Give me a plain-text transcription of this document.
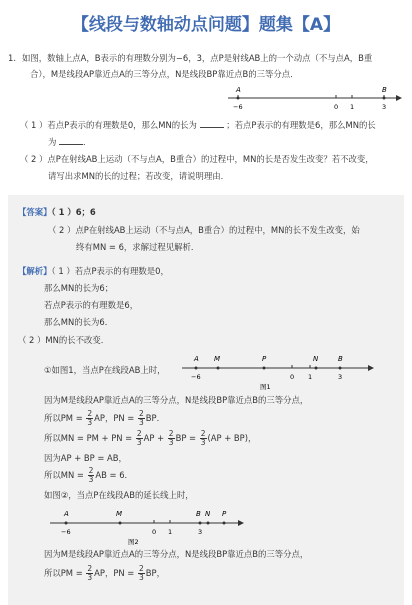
【线段与数轴动点问题】题集【A】
1. 如图，数轴上点A，B表示的有理数分别为−6，3，点P是射线AB上的一个动点（不与点A，B重
合），M是线段AP靠近点A的三等分点，N是线段BP靠近点B的三等分点．
A	B
−6	0 1	3
（ 1 ）若点P表示的有理数是0，那么MN的长为	；若点P表示的有理数是6，那么MN的长
为	．
（ 2 ）点P在射线AB上运动（不与点A，B重合）的过程中，MN的长是否发生改变？若不改变，
请写出求MN的长的过程；若改变，请说明理由．
【答案】（ 1 ）6；6
（ 2 ）点P在射线AB上运动（不与点A，B重合）的过程中，MN的长不发生改变，始
终有MN = 6，求解过程见解析．
【解析】（ 1 ）若点P表示的有理数是0，
那么MN的长为6；
若点P表示的有理数是6，
那么MN的长为6．
（ 2 ）MN的长不改变．
①如图1，当点P在线段AB上时，
A M	P	N	B
−6	0 1	3
图1
因为M是线段AP靠近点A的三等分点，N是线段BP靠近点B的三等分点，
所以PM = $\frac{2}{3}$ AP，PN = $\frac{2}{3}$ BP．
所以MN = PM + PN = $\frac{2}{3}$ AP + $\frac{2}{3}$ BP = $\frac{2}{3} (AP + BP)$，
因为AP + BP = AB，
所以MN = $\frac{2}{3}$ AB = 6．
如图②，当点P在线段AB的延长线上时，
A	M	B N P
−6	0 1	3
图2
因为M是线段AP靠近点A的三等分点，N是线段BP靠近点B的三等分点，
所以PM = $\frac{2}{3}$ AP，PN = $\frac{2}{3}$ BP，
